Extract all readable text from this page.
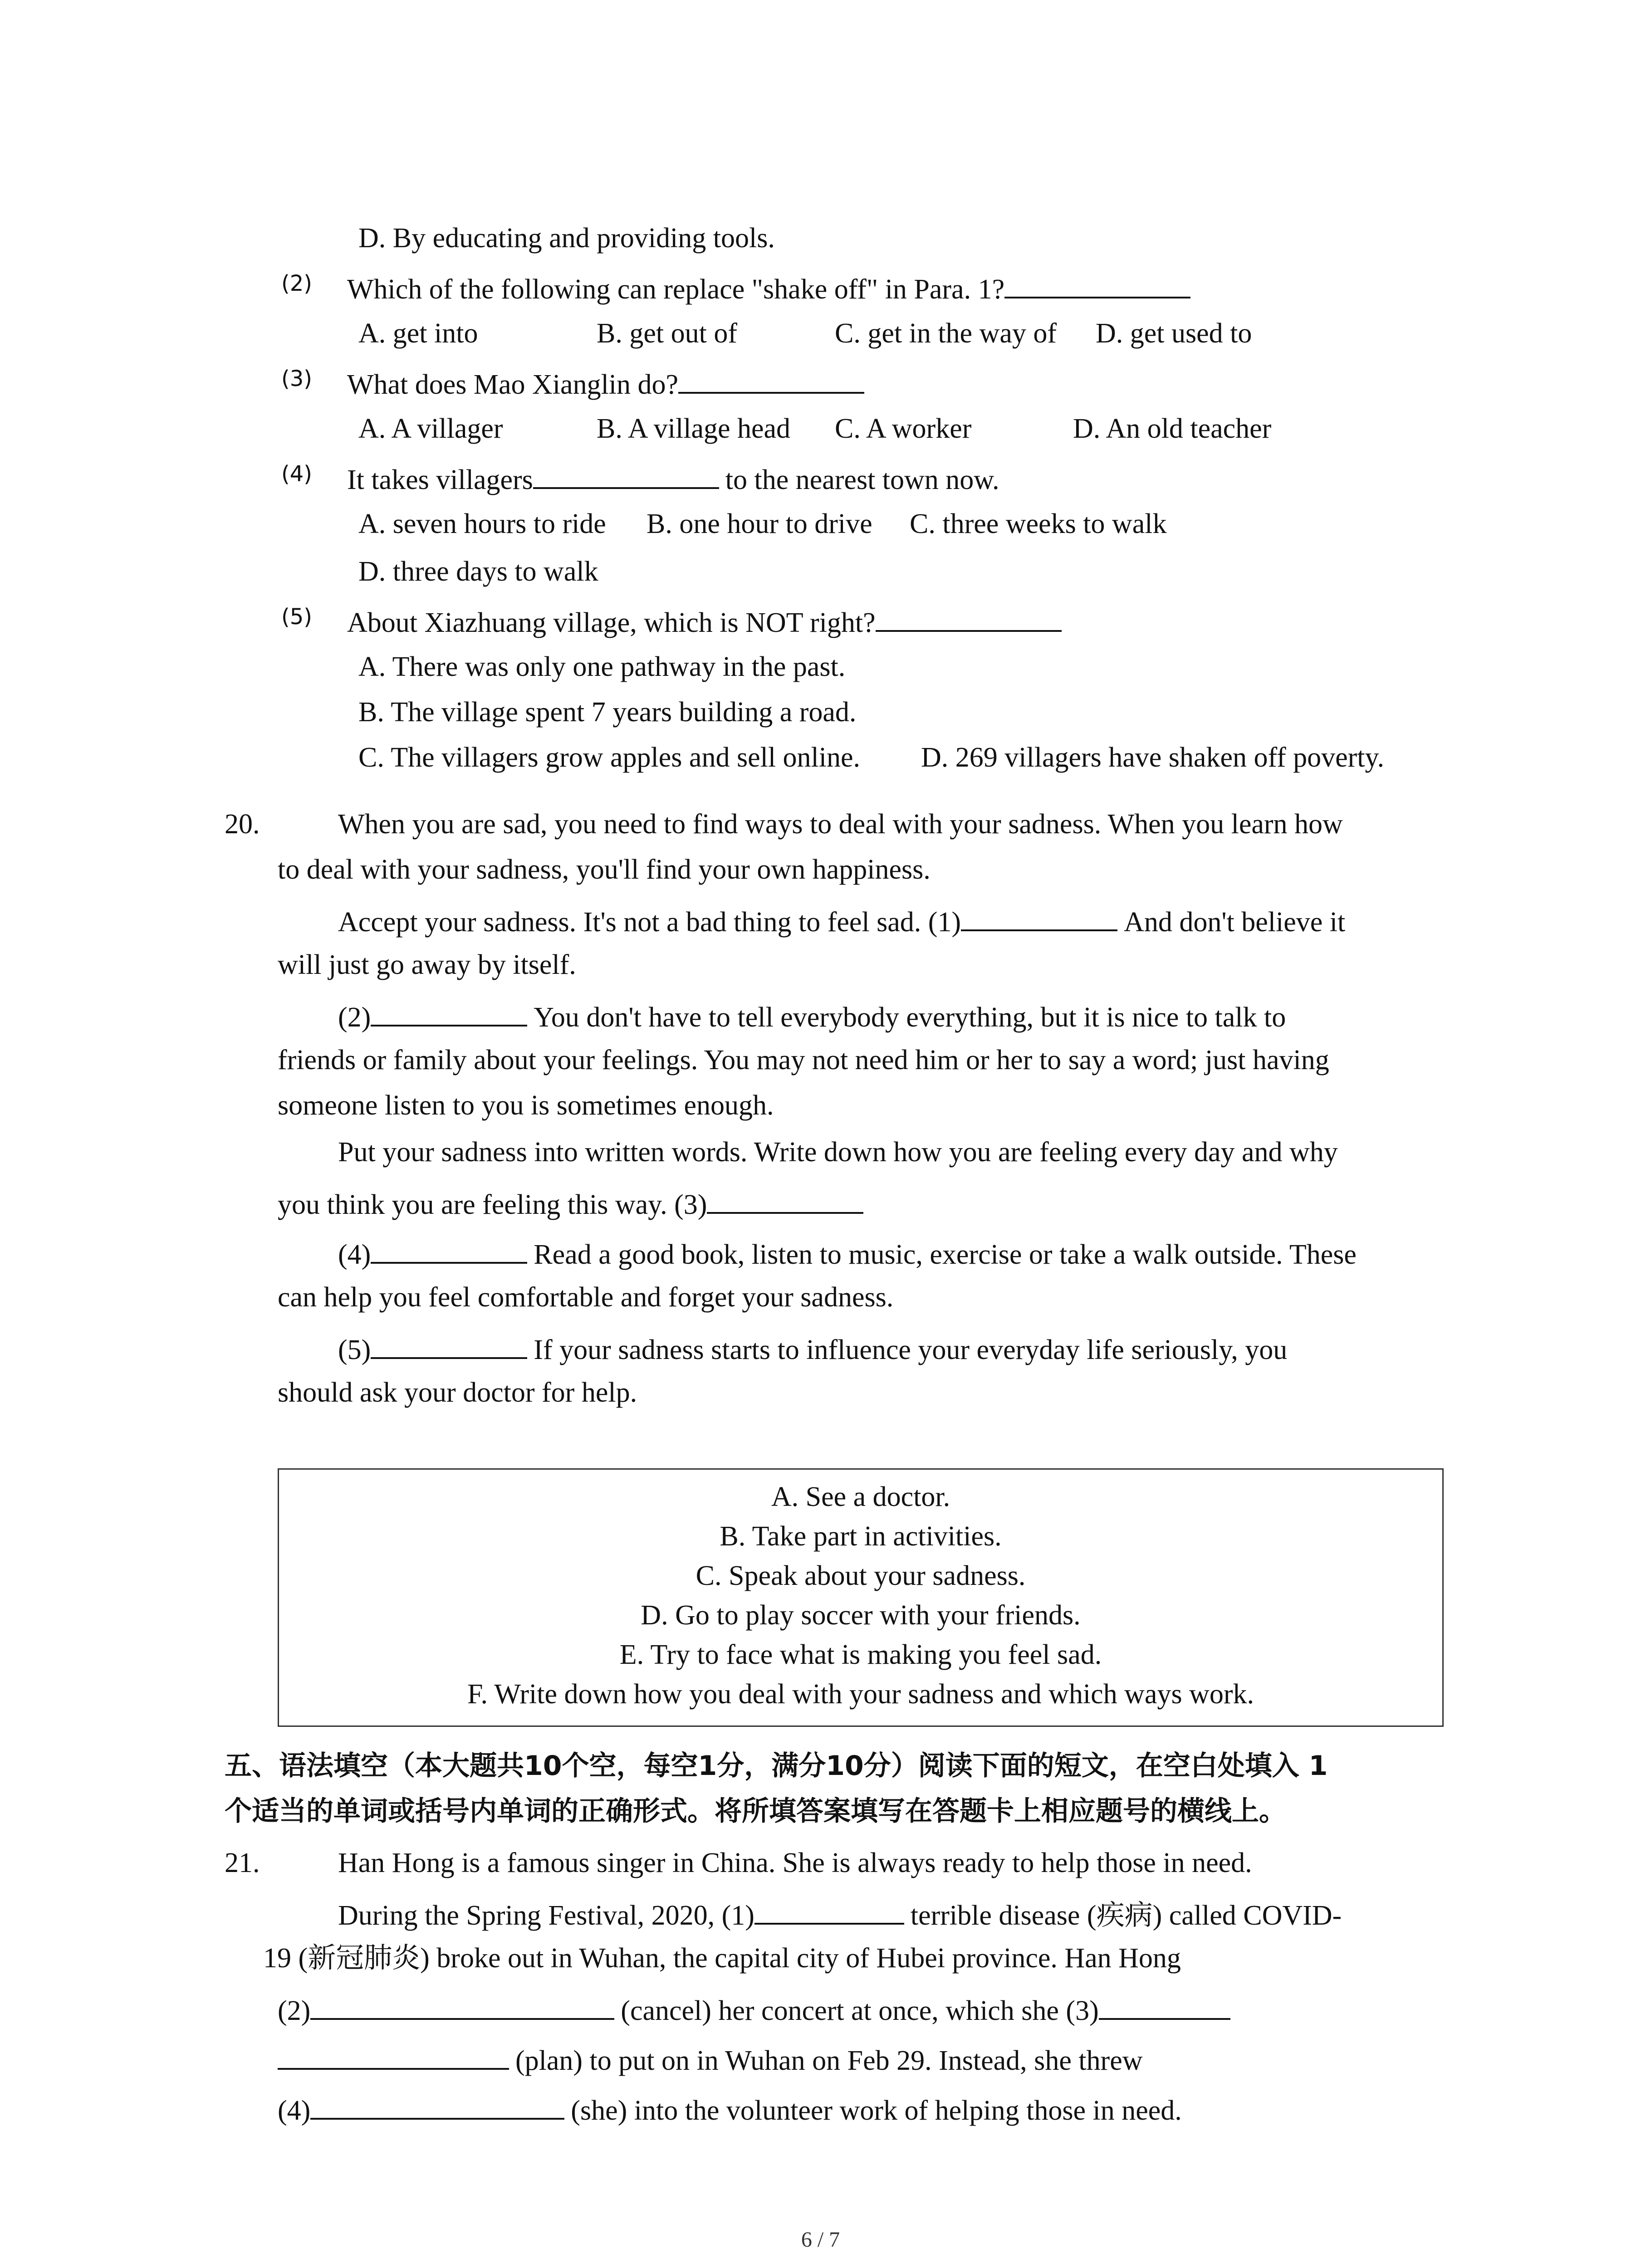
D. By educating and providing tools.
(2) Which of the following can replace "shake off" in Para. 1?
A. get into	B. get out of	C. get in the way of D. get used to
(3) What does Mao Xianglin do?
A. A villager	B. A village head C. A worker	D. An old teacher
(4) It takes villagers	to the nearest town now.
A. seven hours to ride B. one hour to drive C. three weeks to walk
D. three days to walk
(5) About Xiazhuang village, which is NOT right?
A. There was only one pathway in the past.
B. The village spent 7 years building a road.
C. The villagers grow apples and sell online. D. 269 villagers have shaken off poverty.
20.	When you are sad, you need to find ways to deal with your sadness. When you learn how
to deal with your sadness, you'll find your own happiness.
Accept your sadness. It's not a bad thing to feel sad. (1)	And don't believe it
will just go away by itself.
(2)	You don't have to tell everybody everything, but it is nice to talk to
friends or family about your feelings. You may not need him or her to say a word; just having
someone listen to you is sometimes enough.
Put your sadness into written words. Write down how you are feeling every day and why
you think you are feeling this way. (3)
(4)	Read a good book, listen to music, exercise or take a walk outside. These
can help you feel comfortable and forget your sadness.
(5)	If your sadness starts to influence your everyday life seriously, you
should ask your doctor for help.
A. See a doctor.
B. Take part in activities.
C. Speak about your sadness.
D. Go to play soccer with your friends.
E. Try to face what is making you feel sad.
F. Write down how you deal with your sadness and which ways work.
五、语法填空（本大题共10个空，每空1分，满分10分）阅读下面的短文，在空白处填入 1
个适当的单词或括号内单词的正确形式。将所填答案填写在答题卡上相应题号的横线上。
21.	Han Hong is a famous singer in China. She is always ready to help those in need.
During the Spring Festival, 2020, (1)	terrible disease (疾病) called COVID-
19 (新冠肺炎) broke out in Wuhan, the capital city of Hubei province. Han Hong
(2)	(cancel) her concert at once, which she (3)
(plan) to put on in Wuhan on Feb 29. Instead, she threw
(4)	(she) into the volunteer work of helping those in need.
6 / 7
